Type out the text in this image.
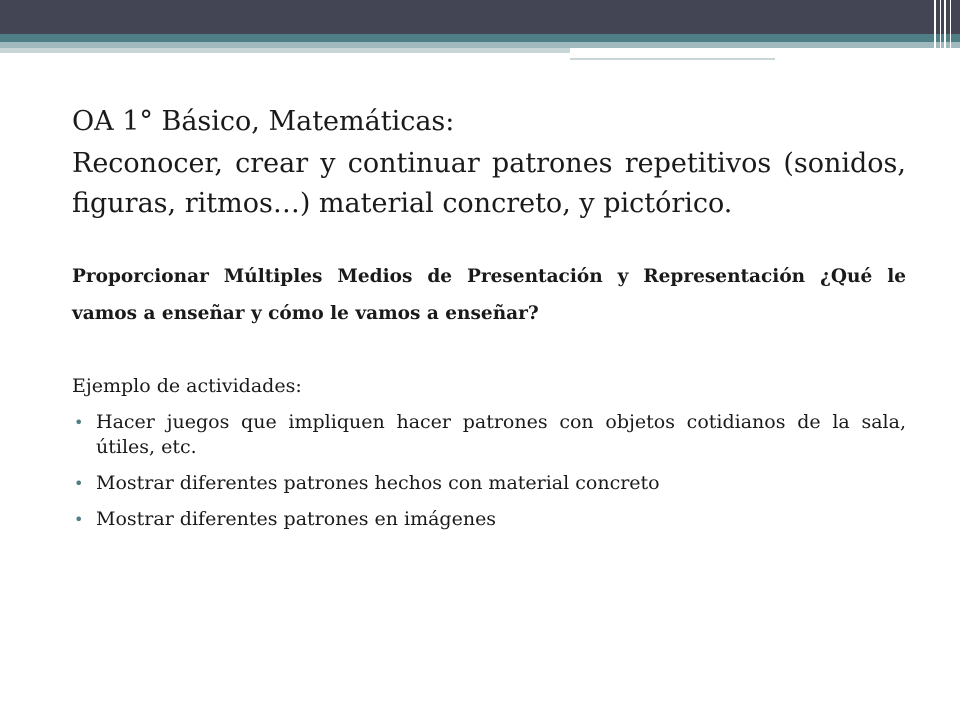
OA 1° Básico, Matemáticas:

Reconocer, crear y continuar patrones repetitivos (sonidos, figuras, ritmos…) material concreto, y pictórico.

Proporcionar Múltiples Medios de Presentación y Representación ¿Qué le vamos a enseñar y cómo le vamos a enseñar?

Ejemplo de actividades:

• Hacer juegos que impliquen hacer patrones con objetos cotidianos de la sala, útiles, etc.
• Mostrar diferentes patrones hechos con material concreto
• Mostrar diferentes patrones en imágenes
